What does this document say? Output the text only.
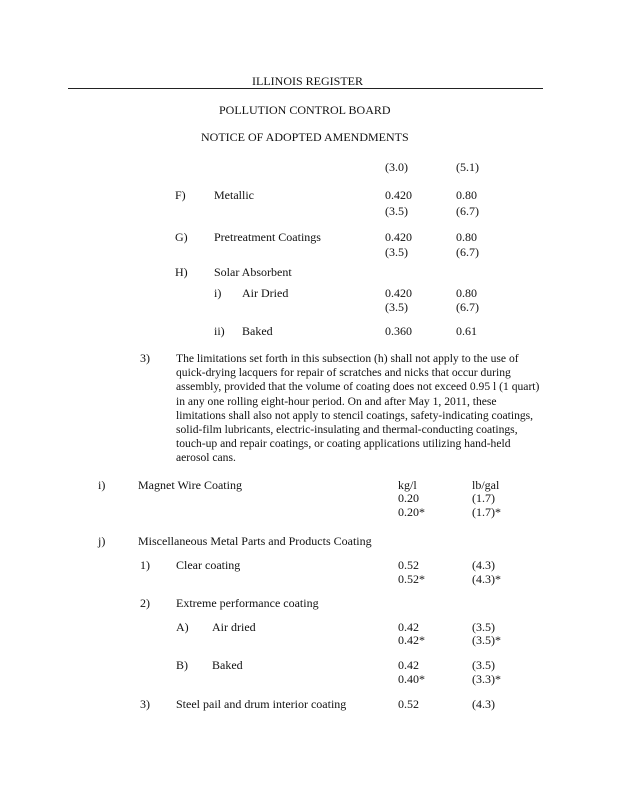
ILLINOIS REGISTER
POLLUTION CONTROL BOARD
NOTICE OF ADOPTED AMENDMENTS
(3.0)	(5.1)
F) Metallic	0.420	0.80
(3.5)	(6.7)
G) Pretreatment Coatings	0.420	0.80
(3.5)	(6.7)
H) Solar Absorbent
i) Air Dried	0.420	0.80
(3.5)	(6.7)
ii) Baked	0.360	0.61
3) The limitations set forth in this subsection (h) shall not apply to the use of quick-drying lacquers for repair of scratches and nicks that occur during assembly, provided that the volume of coating does not exceed 0.95 l (1 quart) in any one rolling eight-hour period. On and after May 1, 2011, these limitations shall also not apply to stencil coatings, safety-indicating coatings, solid-film lubricants, electric-insulating and thermal-conducting coatings, touch-up and repair coatings, or coating applications utilizing hand-held aerosol cans.
i)	Magnet Wire Coating	kg/l	lb/gal
0.20	(1.7)
0.20*	(1.7)*
j)	Miscellaneous Metal Parts and Products Coating
1) Clear coating	0.52	(4.3)
0.52*	(4.3)*
2) Extreme performance coating
A) Air dried	0.42	(3.5)
0.42*	(3.5)*
B) Baked	0.42	(3.5)
0.40*	(3.3)*
3) Steel pail and drum interior coating	0.52	(4.3)
